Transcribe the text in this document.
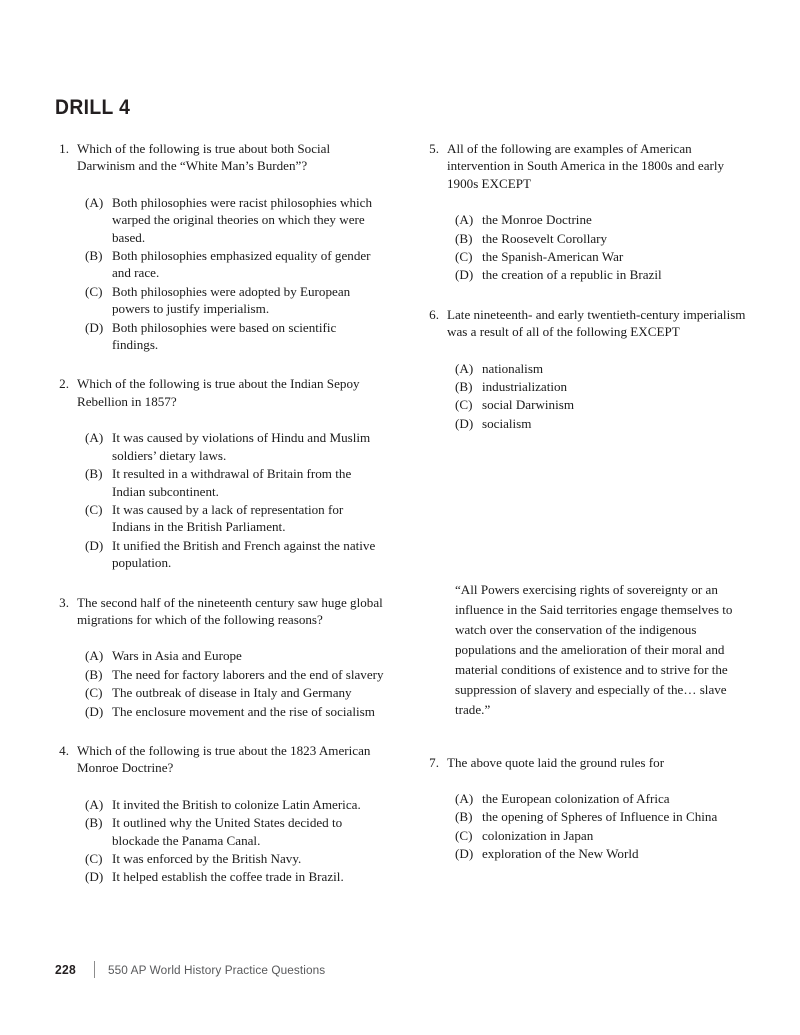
DRILL 4
1. Which of the following is true about both Social Darwinism and the “White Man’s Burden”?
(A) Both philosophies were racist philosophies which warped the original theories on which they were based.
(B) Both philosophies emphasized equality of gender and race.
(C) Both philosophies were adopted by European powers to justify imperialism.
(D) Both philosophies were based on scientific findings.
2. Which of the following is true about the Indian Sepoy Rebellion in 1857?
(A) It was caused by violations of Hindu and Muslim soldiers’ dietary laws.
(B) It resulted in a withdrawal of Britain from the Indian subcontinent.
(C) It was caused by a lack of representation for Indians in the British Parliament.
(D) It unified the British and French against the native population.
3. The second half of the nineteenth century saw huge global migrations for which of the following reasons?
(A) Wars in Asia and Europe
(B) The need for factory laborers and the end of slavery
(C) The outbreak of disease in Italy and Germany
(D) The enclosure movement and the rise of socialism
4. Which of the following is true about the 1823 American Monroe Doctrine?
(A) It invited the British to colonize Latin America.
(B) It outlined why the United States decided to blockade the Panama Canal.
(C) It was enforced by the British Navy.
(D) It helped establish the coffee trade in Brazil.
5. All of the following are examples of American intervention in South America in the 1800s and early 1900s EXCEPT
(A) the Monroe Doctrine
(B) the Roosevelt Corollary
(C) the Spanish-American War
(D) the creation of a republic in Brazil
6. Late nineteenth- and early twentieth-century imperialism was a result of all of the following EXCEPT
(A) nationalism
(B) industrialization
(C) social Darwinism
(D) socialism
“All Powers exercising rights of sovereignty or an influence in the Said territories engage themselves to watch over the conservation of the indigenous populations and the amelioration of their moral and material conditions of existence and to strive for the suppression of slavery and especially of the… slave trade.”
7. The above quote laid the ground rules for
(A) the European colonization of Africa
(B) the opening of Spheres of Influence in China
(C) colonization in Japan
(D) exploration of the New World
228	550 AP World History Practice Questions
